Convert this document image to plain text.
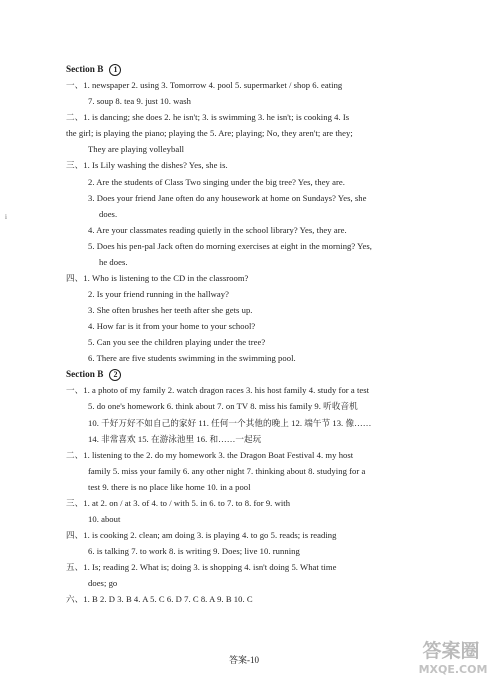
Section B 1
一、1. newspaper 2. using 3. Tomorrow 4. pool 5. supermarket / shop 6. eating
7. soup 8. tea 9. just 10. wash
二、1. is dancing; she does 2. he isn't; 3. is swimming 3. he isn't; is cooking 4. Is
the girl; is playing the piano; playing the 5. Are; playing; No, they aren't; are they;
They are playing volleyball
三、1. Is Lily washing the dishes? Yes, she is.
2. Are the students of Class Two singing under the big tree? Yes, they are.
3. Does your friend Jane often do any housework at home on Sundays? Yes, she
does.
4. Are your classmates reading quietly in the school library? Yes, they are.
5. Does his pen-pal Jack often do morning exercises at eight in the morning? Yes,
he does.
四、1. Who is listening to the CD in the classroom?
2. Is your friend running in the hallway?
3. She often brushes her teeth after she gets up.
4. How far is it from your home to your school?
5. Can you see the children playing under the tree?
6. There are five students swimming in the swimming pool.
Section B 2
一、1. a photo of my family 2. watch dragon races 3. his host family 4. study for a test
5. do one's homework 6. think about 7. on TV 8. miss his family 9. 听收音机
10. 千好万好不如自己的家好 11. 任何一个其他的晚上 12. 端午节 13. 像……
14. 非常喜欢 15. 在游泳池里 16. 和……一起玩
二、1. listening to the 2. do my homework 3. the Dragon Boat Festival 4. my host
family 5. miss your family 6. any other night 7. thinking about 8. studying for a
test 9. there is no place like home 10. in a pool
三、1. at 2. on / at 3. of 4. to / with 5. in 6. to 7. to 8. for 9. with
10. about
四、1. is cooking 2. clean; am doing 3. is playing 4. to go 5. reads; is reading
6. is talking 7. to work 8. is writing 9. Does; live 10. running
五、1. Is; reading 2. What is; doing 3. is shopping 4. isn't doing 5. What time
does; go
六、1. B 2. D 3. B 4. A 5. C 6. D 7. C 8. A 9. B 10. C
i
答案-10	答案圈
MXQE.COM
